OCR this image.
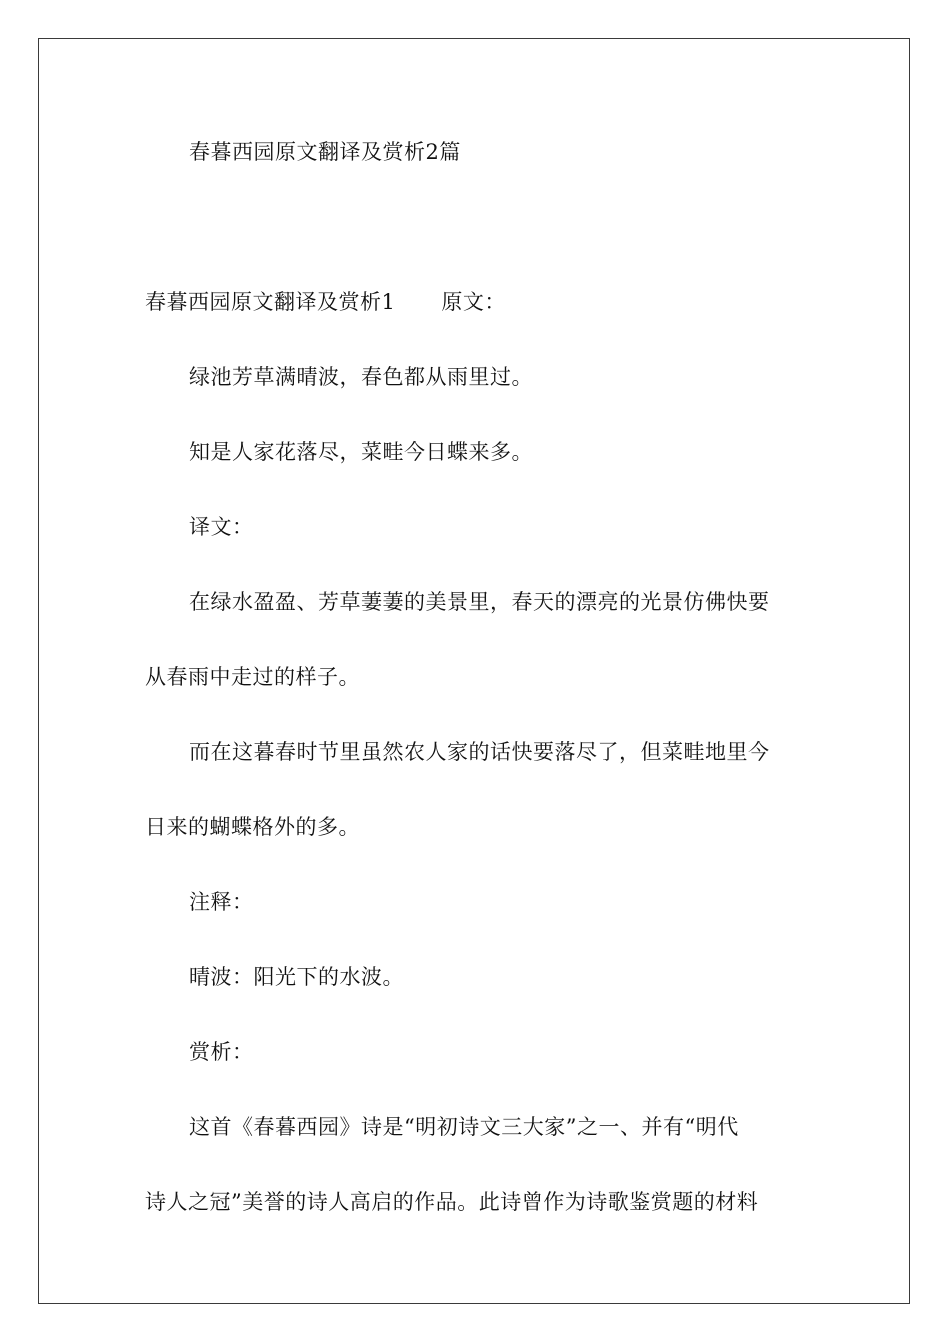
春暮西园原文翻译及赏析2篇
春暮西园原文翻译及赏析1 原文：
绿池芳草满晴波，春色都从雨里过。
知是人家花落尽，菜畦今日蝶来多。
译文：
在绿水盈盈、芳草萋萋的美景里，春天的漂亮的光景仿佛快要
从春雨中走过的样子。
而在这暮春时节里虽然农人家的话快要落尽了，但菜畦地里今
日来的蝴蝶格外的多。
注释：
晴波：阳光下的水波。
赏析：
这首《春暮西园》诗是“明初诗文三大家”之一、并有“明代
诗人之冠”美誉的诗人高启的作品。此诗曾作为诗歌鉴赏题的材料
